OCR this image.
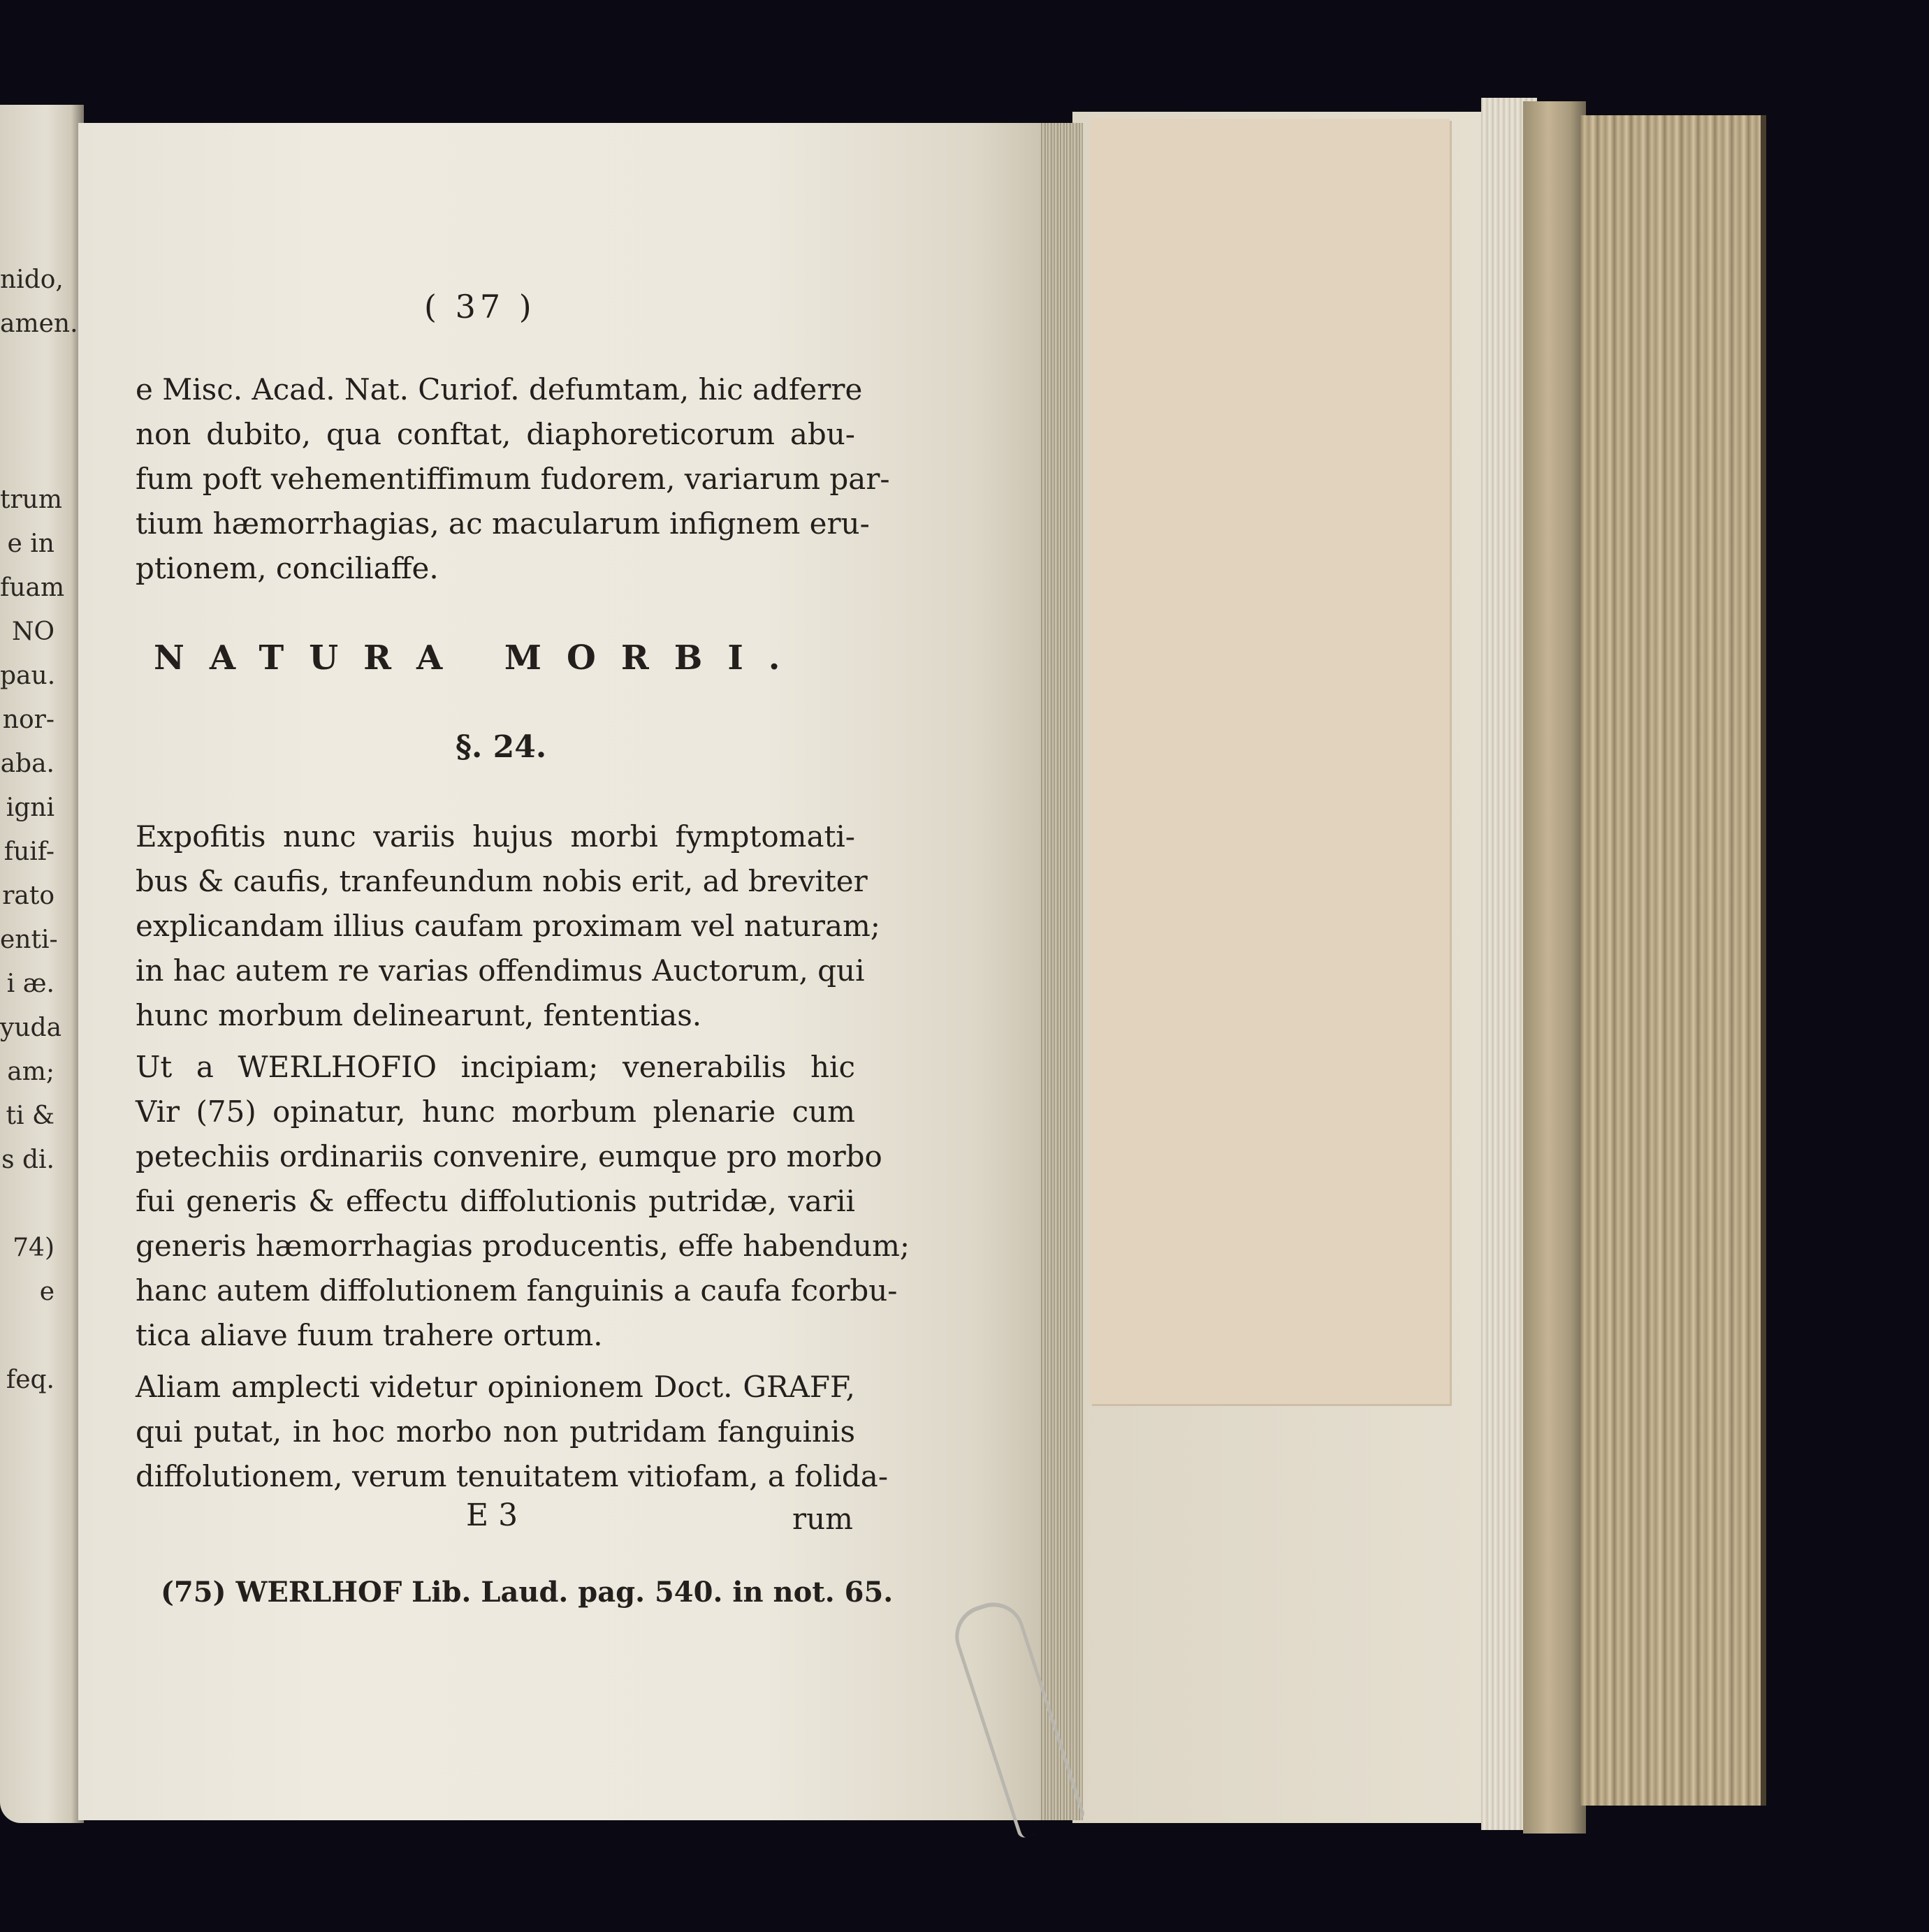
nido,
amen.
trum
e in
fuam
NO
pau.
nor-
aba.
igni
fuif-
rato
enti-
i æ.
yuda
am;
ti &
s di.
74)
e
feq.
( 37 )
e Misc. Acad. Nat. Curiof. defumtam, hic adferre
non dubito, qua conftat, diaphoreticorum abu-
fum poft vehementiffimum fudorem, variarum par-
tium hæmorrhagias, ac macularum infignem eru-
ptionem, conciliaffe.
NATURA MORBI.
§. 24.
Expofitis nunc variis hujus morbi fymptomati-
bus & caufis, tranfeundum nobis erit, ad breviter
explicandam illius caufam proximam vel naturam;
in hac autem re varias offendimus Auctorum, qui
hunc morbum delinearunt, fententias.
Ut a WERLHOFIO incipiam; venerabilis hic
Vir (75) opinatur, hunc morbum plenarie cum
petechiis ordinariis convenire, eumque pro morbo
fui generis & effectu diffolutionis putridæ, varii
generis hæmorrhagias producentis, effe habendum;
hanc autem diffolutionem fanguinis a caufa fcorbu-
tica aliave fuum trahere ortum.
Aliam amplecti videtur opinionem Doct. GRAFF,
qui putat, in hoc morbo non putridam fanguinis
diffolutionem, verum tenuitatem vitiofam, a folida-
E 3	rum
(75) WERLHOF Lib. Laud. pag. 540. in not. 65.
